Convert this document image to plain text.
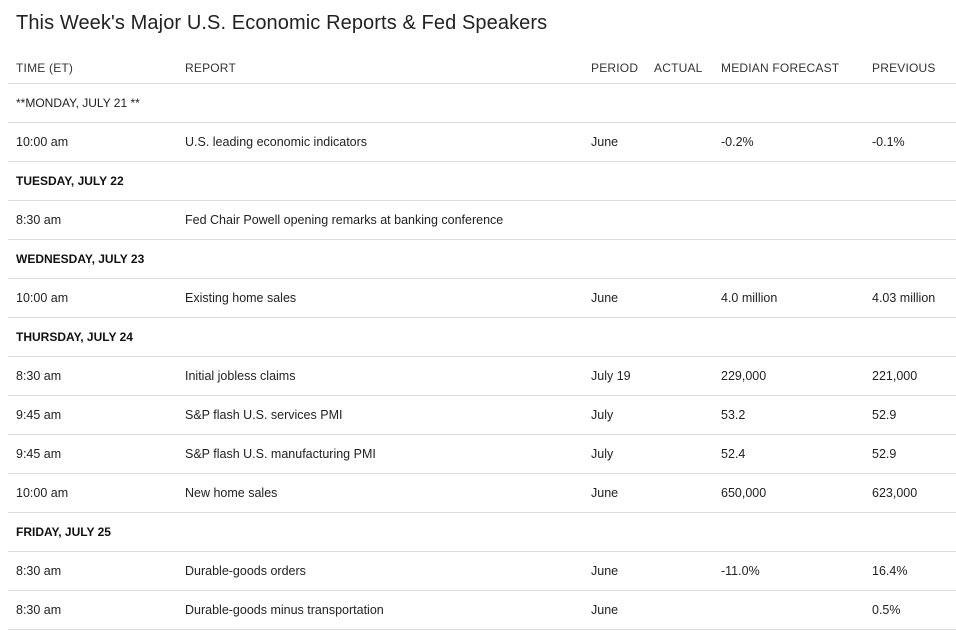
This Week's Major U.S. Economic Reports & Fed Speakers
TIME (ET)	REPORT	PERIOD	ACTUAL	MEDIAN FORECAST	PREVIOUS
**MONDAY, JULY 21 **					
10:00 am	U.S. leading economic indicators	June		-0.2%	-0.1%
TUESDAY, JULY 22					
8:30 am	Fed Chair Powell opening remarks at banking conference				
WEDNESDAY, JULY 23					
10:00 am	Existing home sales	June		4.0 million	4.03 million
THURSDAY, JULY 24					
8:30 am	Initial jobless claims	July 19		229,000	221,000
9:45 am	S&P flash U.S. services PMI	July		53.2	52.9
9:45 am	S&P flash U.S. manufacturing PMI	July		52.4	52.9
10:00 am	New home sales	June		650,000	623,000
FRIDAY, JULY 25					
8:30 am	Durable-goods orders	June		-11.0%	16.4%
8:30 am	Durable-goods minus transportation	June			0.5%
